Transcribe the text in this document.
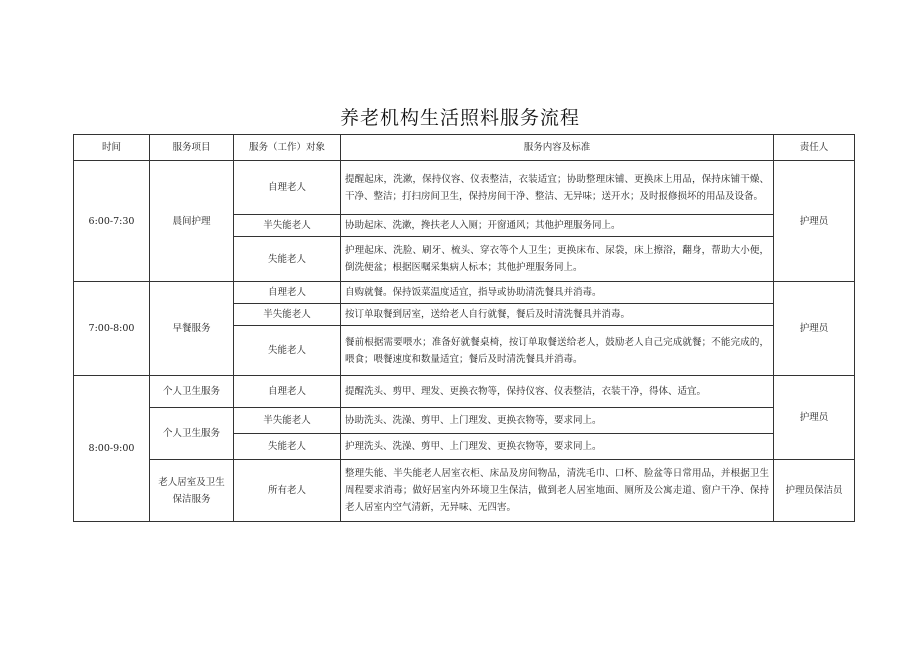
养老机构生活照料服务流程
时间	服务项目	服务（工作）对象	服务内容及标准	责任人
6:00-7:30	晨间护理	自理老人	提醒起床，洗漱，保持仪容、仪表整洁，衣装适宜；协助整理床铺、更换床上用品，保持床铺干燥、干净、整洁；打扫房间卫生，保持房间干净、整洁、无异味；送开水；及时报修损坏的用品及设备。	护理员
		半失能老人	协助起床、洗漱，搀扶老人入厕；开窗通风；其他护理服务同上。	
		失能老人	护理起床、洗脸、刷牙、梳头、穿衣等个人卫生；更换床布、尿袋，床上擦浴，翻身，帮助大小便，倒洗便盆；根据医嘱采集病人标本；其他护理服务同上。	
7:00-8:00	早餐服务	自理老人	自购就餐。保持饭菜温度适宜，指导或协助清洗餐具并消毒。	护理员
		半失能老人	按订单取餐到居室，送给老人自行就餐，餐后及时清洗餐具并消毒。	
		失能老人	餐前根据需要喂水；准备好就餐桌椅，按订单取餐送给老人，鼓励老人自己完成就餐；不能完成的，喂食；喂餐速度和数量适宜；餐后及时清洗餐具并消毒。	
8:00-9:00	个人卫生服务	自理老人	提醒洗头、剪甲、理发、更换衣物等，保持仪容、仪表整洁，衣装干净，得体、适宜。	护理员
	个人卫生服务	半失能老人	协助洗头、洗澡、剪甲、上门理发、更换衣物等，要求同上。	
		失能老人	护理洗头、洗澡、剪甲、上门理发、更换衣物等，要求同上。	
	老人居室及卫生保洁服务	所有老人	整理失能、半失能老人居室衣柜、床品及房间物品，清洗毛巾、口杯、脸盆等日常用品，并根据卫生周程要求消毒；做好居室内外环境卫生保洁，做到老人居室地面、厕所及公寓走道、窗户干净、保持老人居室内空气清新，无异味、无四害。	护理员保洁员
